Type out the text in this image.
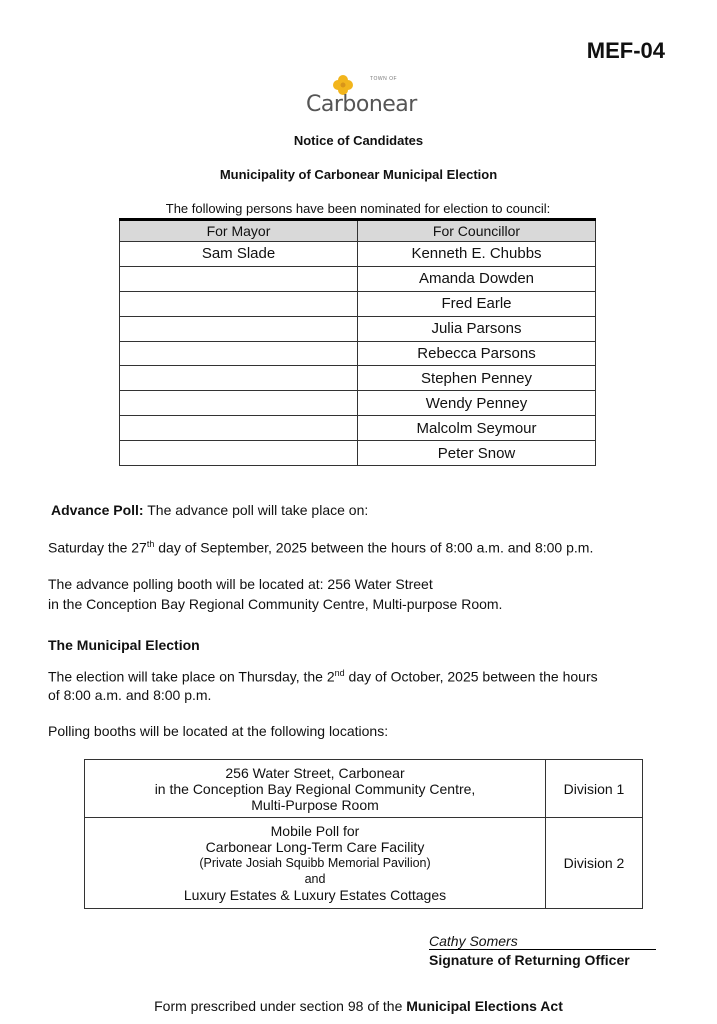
MEF-04
TOWN OF
Carbonear
Notice of Candidates
Municipality of Carbonear Municipal Election
The following persons have been nominated for election to council:
For Mayor	For Councillor
Sam Slade	Kenneth E. Chubbs
	Amanda Dowden
	Fred Earle
	Julia Parsons
	Rebecca Parsons
	Stephen Penney
	Wendy Penney
	Malcolm Seymour
	Peter Snow
Advance Poll: The advance poll will take place on:
Saturday the 27th day of September, 2025 between the hours of 8:00 a.m. and 8:00 p.m.
The advance polling booth will be located at: 256 Water Street
in the Conception Bay Regional Community Centre, Multi-purpose Room.
The Municipal Election
The election will take place on Thursday, the 2nd day of October, 2025 between the hours
of 8:00 a.m. and 8:00 p.m.
Polling booths will be located at the following locations:
256 Water Street, Carbonear
in the Conception Bay Regional Community Centre,
Multi-Purpose Room	Division 1

Mobile Poll for
Carbonear Long-Term Care Facility
(Private Josiah Squibb Memorial Pavilion)
and
Luxury Estates & Luxury Estates Cottages	Division 2
Cathy Somers
Signature of Returning Officer
Form prescribed under section 98 of the Municipal Elections Act
